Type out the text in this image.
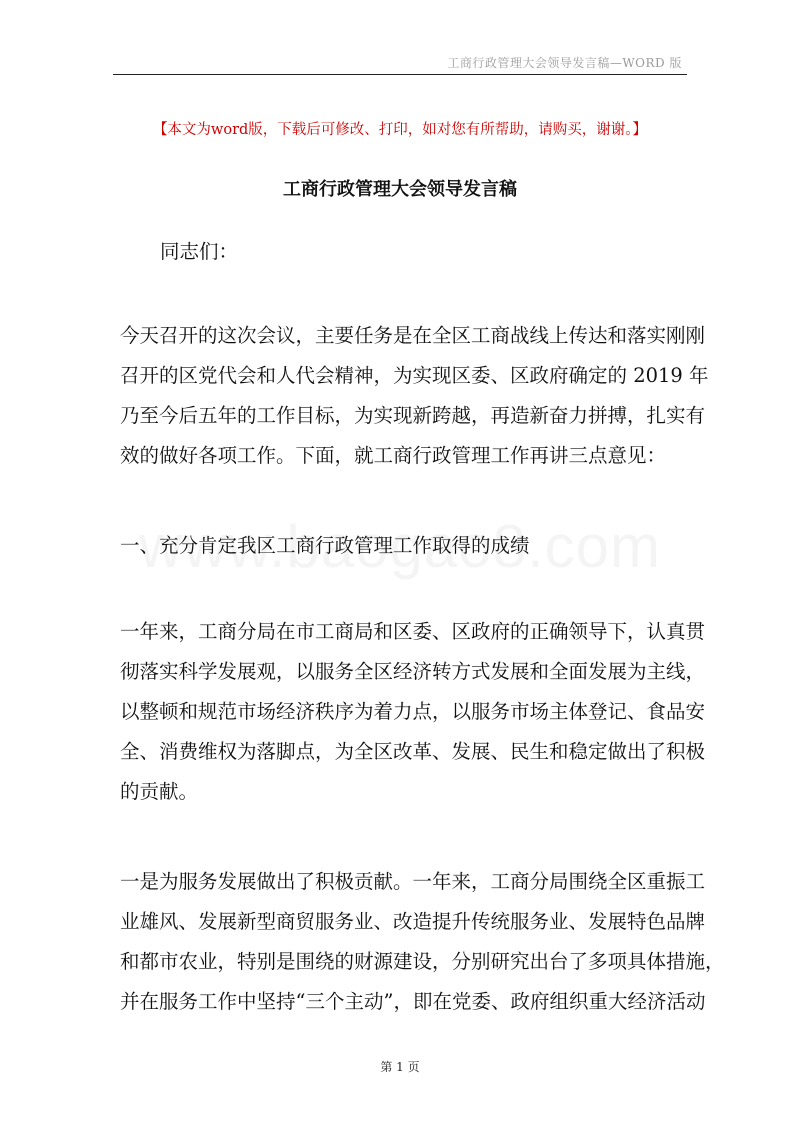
工商行政管理大会领导发言稿—WORD 版
【本文为word版，下载后可修改、打印，如对您有所帮助，请购买，谢谢。】
工商行政管理大会领导发言稿

同志们：

今天召开的这次会议，主要任务是在全区工商战线上传达和落实刚刚
召开的区党代会和人代会精神，为实现区委、区政府确定的 2019 年
乃至今后五年的工作目标，为实现新跨越，再造新奋力拼搏，扎实有
效的做好各项工作。下面，就工商行政管理工作再讲三点意见：

一、充分肯定我区工商行政管理工作取得的成绩

一年来，工商分局在市工商局和区委、区政府的正确领导下，认真贯
彻落实科学发展观，以服务全区经济转方式发展和全面发展为主线，
以整顿和规范市场经济秩序为着力点，以服务市场主体登记、食品安
全、消费维权为落脚点，为全区改革、发展、民生和稳定做出了积极
的贡献。
一是为服务发展做出了积极贡献。一年来，工商分局围绕全区重振工
业雄风、发展新型商贸服务业、改造提升传统服务业、发展特色品牌
和都市农业，特别是围绕的财源建设，分别研究出台了多项具体措施，
并在服务工作中坚持“三个主动”，即在党委、政府组织重大经济活动
第 1 页
